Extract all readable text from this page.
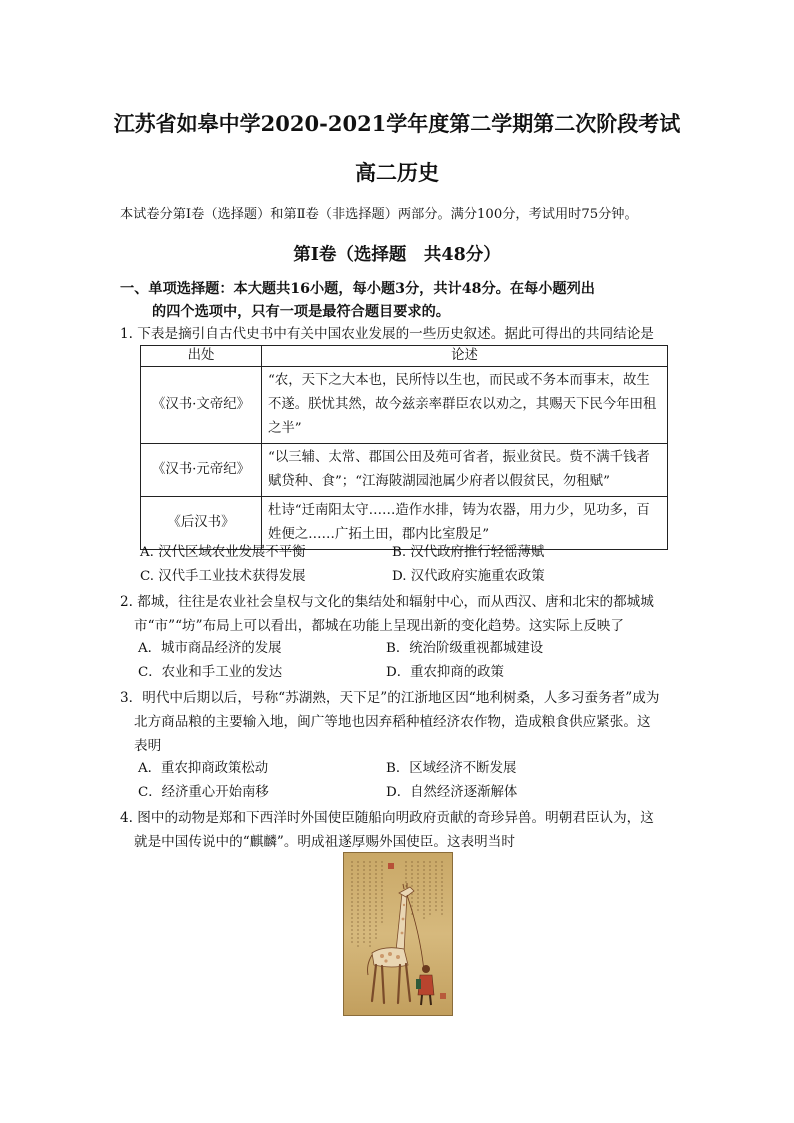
江苏省如皋中学2020-2021学年度第二学期第二次阶段考试
高二历史
本试卷分第Ⅰ卷（选择题）和第Ⅱ卷（非选择题）两部分。满分100分，考试用时75分钟。
第Ⅰ卷（选择题　共48分）
一、单项选择题：本大题共16小题，每小题3分，共计48分。在每小题列出
的四个选项中，只有一项是最符合题目要求的。
1. 下表是摘引自古代史书中有关中国农业发展的一些历史叙述。据此可得出的共同结论是
出处	论述
《汉书·文帝纪》	“农，天下之大本也，民所恃以生也，而民或不务本而事末，故生不遂。朕忧其然，故今兹亲率群臣农以劝之，其赐天下民今年田租之半”
《汉书·元帝纪》	“以三辅、太常、郡国公田及苑可省者，振业贫民。赀不满千钱者赋贷种、食”；“江海陂湖园池属少府者以假贫民，勿租赋”
《后汉书》	杜诗“迁南阳太守……造作水排，铸为农器，用力少，见功多，百姓便之……广拓土田，郡内比室殷足”
A. 汉代区域农业发展不平衡	B. 汉代政府推行轻徭薄赋
C. 汉代手工业技术获得发展	D. 汉代政府实施重农政策
2. 都城，往往是农业社会皇权与文化的集结处和辐射中心，而从西汉、唐和北宋的都城城
市“市”“坊”布局上可以看出，都城在功能上呈现出新的变化趋势。这实际上反映了
A．城市商品经济的发展	B．统治阶级重视都城建设
C．农业和手工业的发达	D．重农抑商的政策
3．明代中后期以后，号称“苏湖熟，天下足”的江浙地区因“地利树桑，人多习蚕务者”成为
北方商品粮的主要输入地，闽广等地也因弃稻种植经济农作物，造成粮食供应紧张。这
表明
A．重农抑商政策松动	B．区域经济不断发展
C．经济重心开始南移	D．自然经济逐渐解体
4. 图中的动物是郑和下西洋时外国使臣随船向明政府贡献的奇珍异兽。明朝君臣认为，这
就是中国传说中的“麒麟”。明成祖遂厚赐外国使臣。这表明当时
